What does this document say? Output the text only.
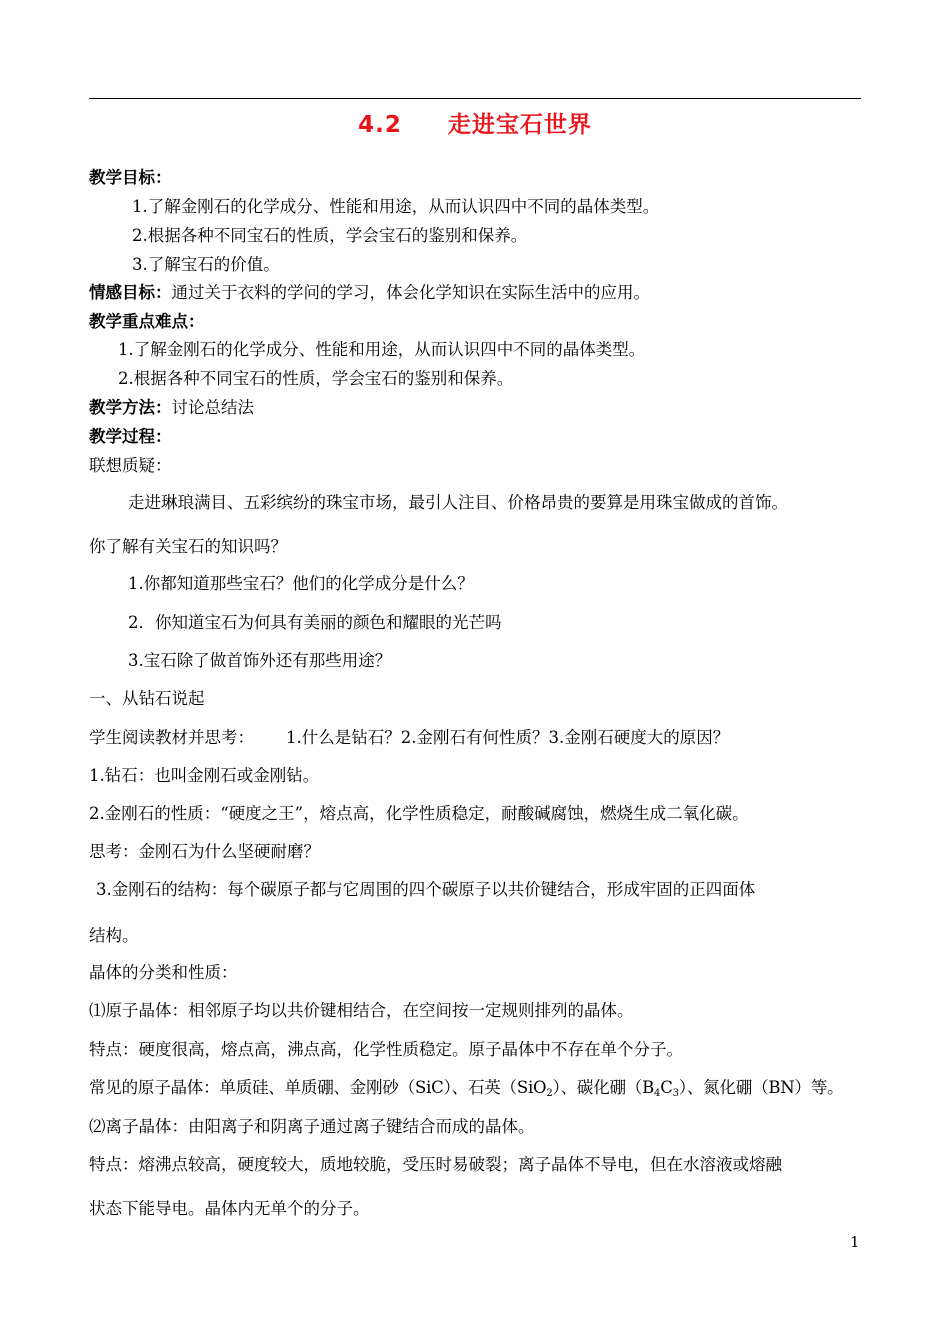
4.2 走进宝石世界
教学目标：
1.了解金刚石的化学成分、性能和用途，从而认识四中不同的晶体类型。
2.根据各种不同宝石的性质，学会宝石的鉴别和保养。
3.了解宝石的价值。
情感目标：通过关于衣料的学问的学习，体会化学知识在实际生活中的应用。
教学重点难点：
1.了解金刚石的化学成分、性能和用途，从而认识四中不同的晶体类型。
2.根据各种不同宝石的性质，学会宝石的鉴别和保养。
教学方法：讨论总结法
教学过程：
联想质疑：
走进琳琅满目、五彩缤纷的珠宝市场，最引人注目、价格昂贵的要算是用珠宝做成的首饰。
你了解有关宝石的知识吗？
1.你都知道那些宝石？他们的化学成分是什么？
2．你知道宝石为何具有美丽的颜色和耀眼的光芒吗
3.宝石除了做首饰外还有那些用途？
一、从钻石说起
学生阅读教材并思考： 1.什么是钻石？2.金刚石有何性质？3.金刚石硬度大的原因？
1.钻石：也叫金刚石或金刚钻。
2.金刚石的性质：“硬度之王”，熔点高，化学性质稳定，耐酸碱腐蚀，燃烧生成二氧化碳。
思考：金刚石为什么坚硬耐磨？
3.金刚石的结构：每个碳原子都与它周围的四个碳原子以共价键结合，形成牢固的正四面体
结构。
晶体的分类和性质：
⑴原子晶体：相邻原子均以共价键相结合，在空间按一定规则排列的晶体。
特点：硬度很高，熔点高，沸点高，化学性质稳定。原子晶体中不存在单个分子。
常见的原子晶体：单质硅、单质硼、金刚砂（SiC）、石英（SiO$_2$）、碳化硼$(B_4C_3)$、氮化硼（BN）等。
⑵离子晶体：由阳离子和阴离子通过离子键结合而成的晶体。
特点：熔沸点较高，硬度较大，质地较脆，受压时易破裂；离子晶体不导电，但在水溶液或熔融
状态下能导电。晶体内无单个的分子。
1
